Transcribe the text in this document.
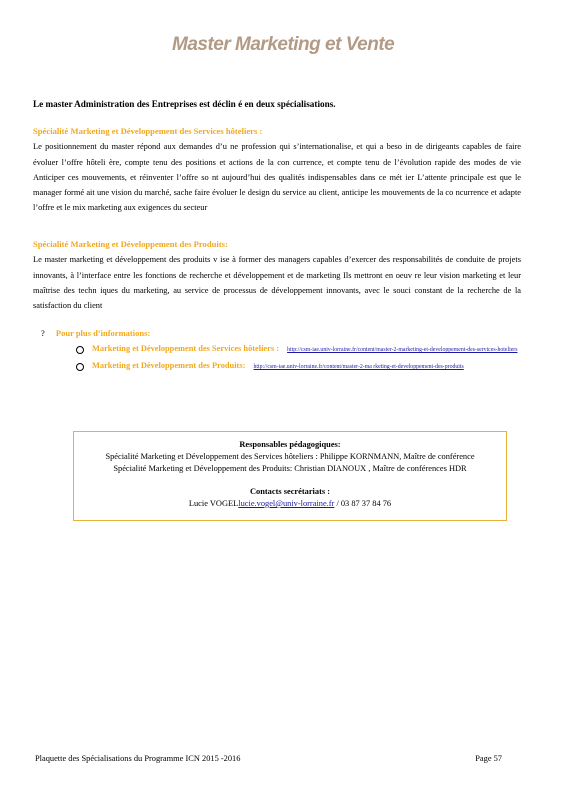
Master Marketing et Vente
Le master Administration des Entreprises est déclin é en deux spécialisations.
Spécialité Marketing et Développement des Services hôteliers :
Le positionnement du master répond aux demandes d’u ne profession qui s’internationalise, et qui a beso in de dirigeants capables de faire évoluer l’offre hôteli ère, compte tenu des positions et actions de la con currence, et compte tenu de l’évolution rapide des modes de vie Anticiper ces mouvements, et réinventer l’offre so nt aujourd’hui des qualités indispensables dans ce mét ier L’attente principale est que le manager formé ait une vision du marché, sache faire évoluer le design du service au client, anticipe les mouvements de la co ncurrence et adapte l’offre et le mix marketing aux exigences du secteur
Spécialité Marketing et Développement des Produits:
Le master marketing et développement des produits v ise à former des managers capables d’exercer des responsabilités de conduite de projets innovants, à l’interface entre les fonctions de recherche et développement et de marketing Ils mettront en oeuv re leur vision marketing et leur maîtrise des techn iques du marketing, au service de processus de développement innovants, avec le souci constant de la recherche de la satisfaction du client
? Pour plus d’informations:
Marketing et Développement des Services hôteliers : http://csm-iae.univ-lorraine.fr/content/master-2-marketing-et-developpement-des-services-hoteliers
Marketing et Développement des Produits: http://csm-iae.univ-lorraine.fr/content/master-2-ma rketing-et-developpement-des-produits
Responsables pédagogiques:
Spécialité Marketing et Développement des Services hôteliers : Philippe KORNMANN, Maître de conférence
Spécialité Marketing et Développement des Produits: Christian DIANOUX , Maître de conférences HDR
Contacts secrétariats :
Lucie VOGELlucie.vogel@univ-lorraine.fr / 03 87 37 84 76
Plaquette des Spécialisations du Programme ICN 2015 -2016	Page 57
